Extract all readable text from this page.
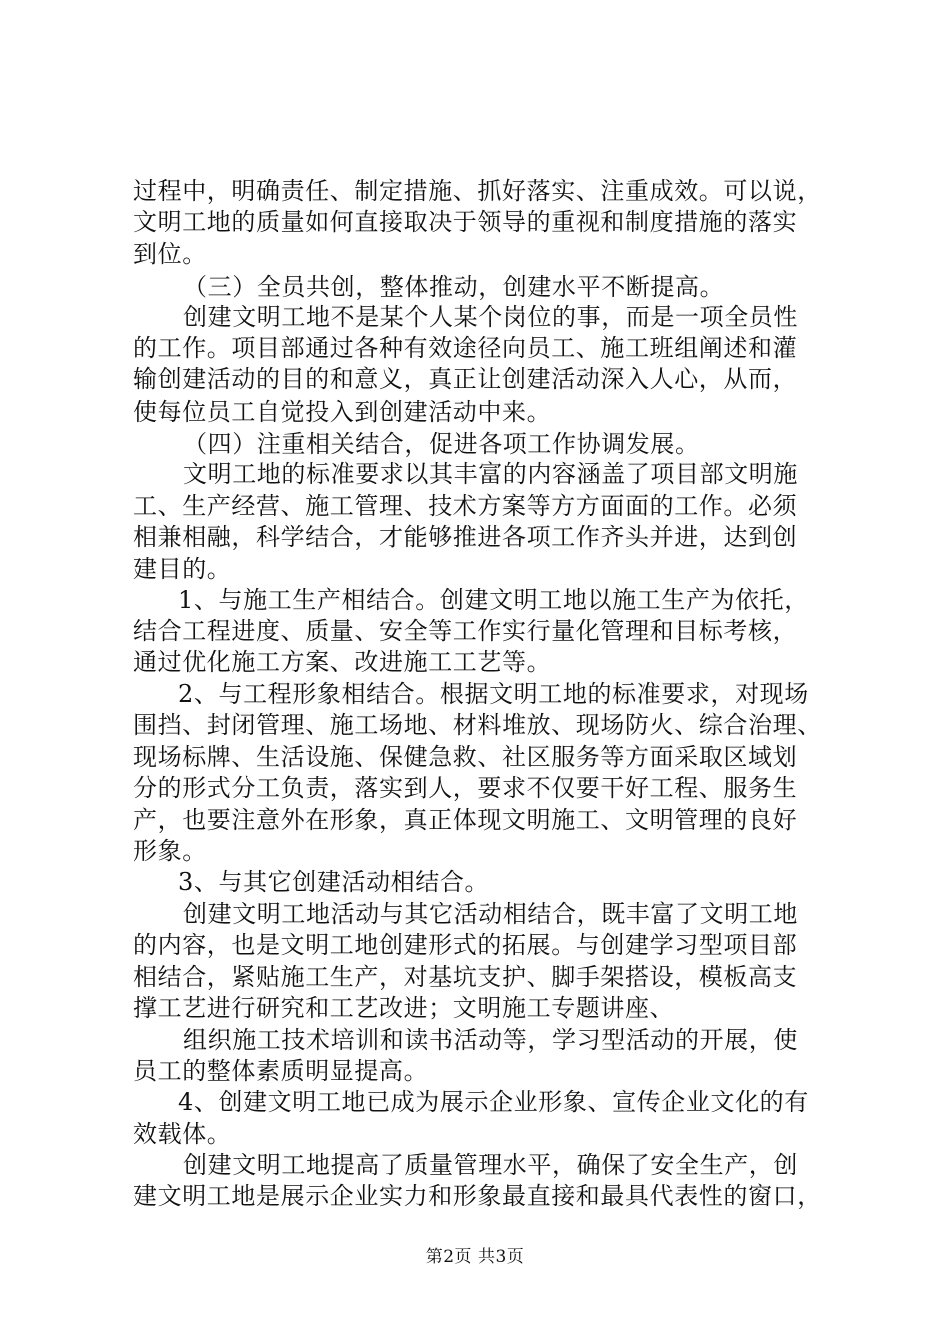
过程中，明确责任、制定措施、抓好落实、注重成效。可以说，
文明工地的质量如何直接取决于领导的重视和制度措施的落实
到位。
（三）全员共创，整体推动，创建水平不断提高。
创建文明工地不是某个人某个岗位的事，而是一项全员性
的工作。项目部通过各种有效途径向员工、施工班组阐述和灌
输创建活动的目的和意义，真正让创建活动深入人心，从而，
使每位员工自觉投入到创建活动中来。
（四）注重相关结合，促进各项工作协调发展。
文明工地的标准要求以其丰富的内容涵盖了项目部文明施
工、生产经营、施工管理、技术方案等方方面面的工作。必须
相兼相融，科学结合，才能够推进各项工作齐头并进，达到创
建目的。
1、与施工生产相结合。创建文明工地以施工生产为依托，
结合工程进度、质量、安全等工作实行量化管理和目标考核，
通过优化施工方案、改进施工工艺等。
2、与工程形象相结合。根据文明工地的标准要求，对现场
围挡、封闭管理、施工场地、材料堆放、现场防火、综合治理、
现场标牌、生活设施、保健急救、社区服务等方面采取区域划
分的形式分工负责，落实到人，要求不仅要干好工程、服务生
产，也要注意外在形象，真正体现文明施工、文明管理的良好
形象。
3、与其它创建活动相结合。
创建文明工地活动与其它活动相结合，既丰富了文明工地
的内容，也是文明工地创建形式的拓展。与创建学习型项目部
相结合，紧贴施工生产，对基坑支护、脚手架搭设，模板高支
撑工艺进行研究和工艺改进；文明施工专题讲座、
组织施工技术培训和读书活动等，学习型活动的开展，使
员工的整体素质明显提高。
4、创建文明工地已成为展示企业形象、宣传企业文化的有
效载体。
创建文明工地提高了质量管理水平，确保了安全生产，创
建文明工地是展示企业实力和形象最直接和最具代表性的窗口，
第2页 共3页
